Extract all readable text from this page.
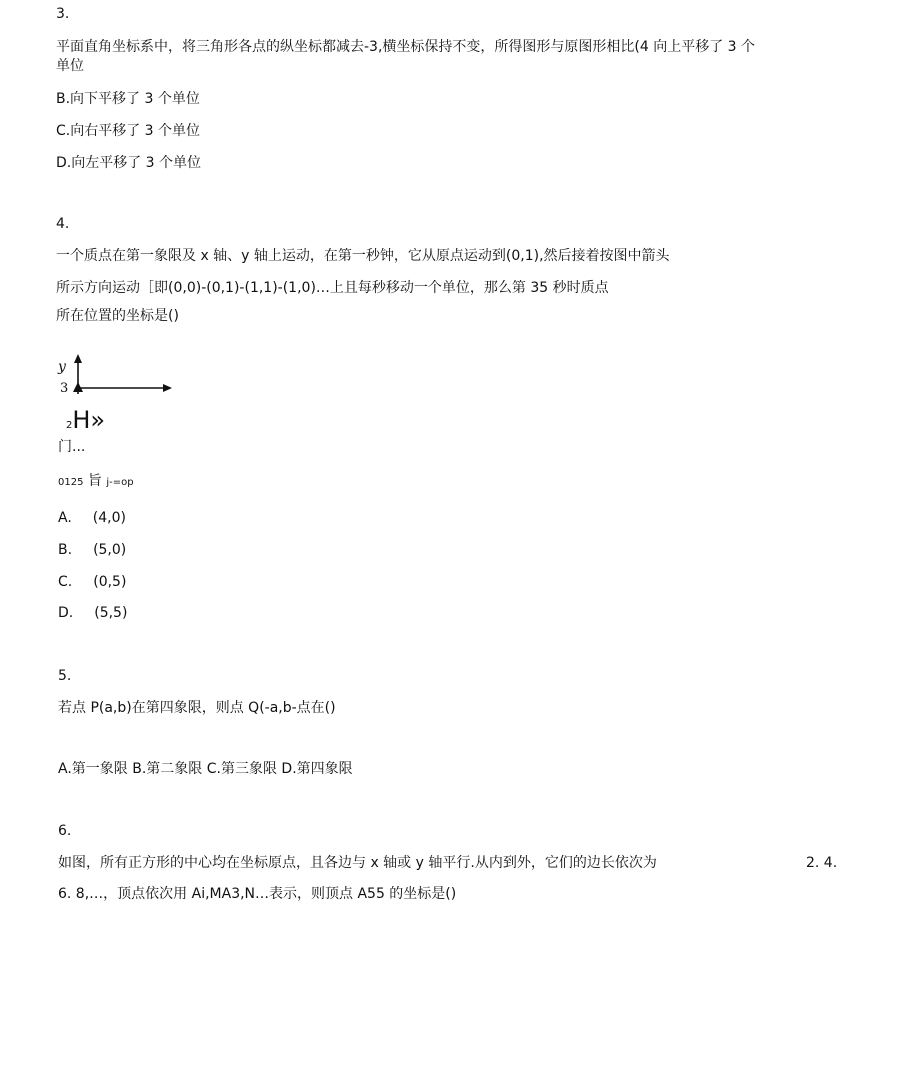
3.
平面直角坐标系中，将三角形各点的纵坐标都减去-3,横坐标保持不变，所得图形与原图形相比(4 向上平移了 3 个
单位
B.向下平移了 3 个单位
C.向右平移了 3 个单位
D.向左平移了 3 个单位
4.
一个质点在第一象限及 x 轴、y 轴上运动，在第一秒钟，它从原点运动到(0,1),然后接着按图中箭头
所示方向运动［即(0,0)-(0,1)-(1,1)-(1,0)…上且每秒移动一个单位，那么第 35 秒时质点
所在位置的坐标是()
y
3
2H»
门...
0125 旨 j-=op
A. (4,0)
B. (5,0)
C. (0,5)
D. (5,5)
5.
若点 P(a,b)在第四象限，则点 Q(-a,b-点在()
A.第一象限 B.第二象限 C.第三象限 D.第四象限
6.
如图，所有正方形的中心均在坐标原点，且各边与 x 轴或 y 轴平行.从内到外，它们的边长依次为	2. 4.
6. 8,…，顶点依次用 Ai,MA3,N…表示，则顶点 A55 的坐标是()
